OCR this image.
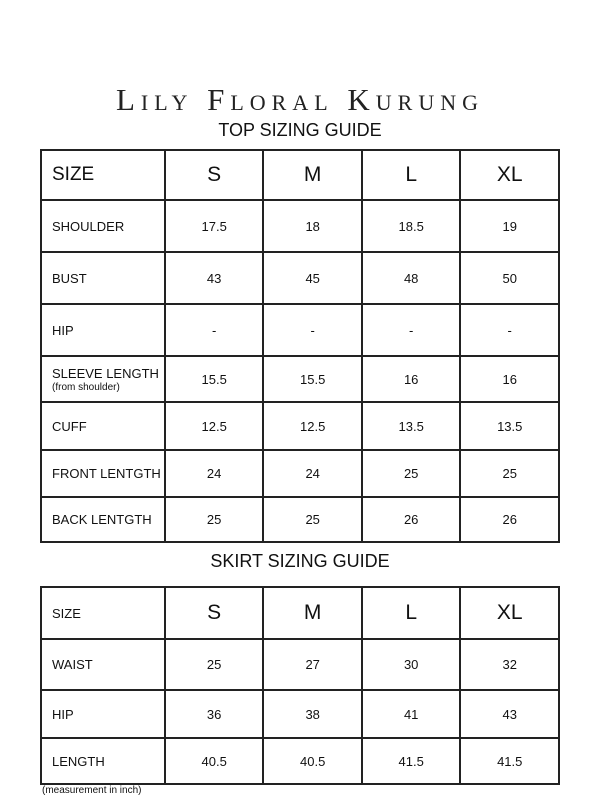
Lily Floral Kurung
TOP SIZING GUIDE
SIZE	S	M	L	XL
SHOULDER	17.5	18	18.5	19
BUST	43	45	48	50
HIP	-	-	-	-
SLEEVE LENGTH
(from shoulder)	15.5	15.5	16	16
CUFF	12.5	12.5	13.5	13.5
FRONT LENTGTH	24	24	25	25
BACK LENTGTH	25	25	26	26
SKIRT SIZING GUIDE
SIZE	S	M	L	XL
WAIST	25	27	30	32
HIP	36	38	41	43
LENGTH	40.5	40.5	41.5	41.5
(measurement in inch)
